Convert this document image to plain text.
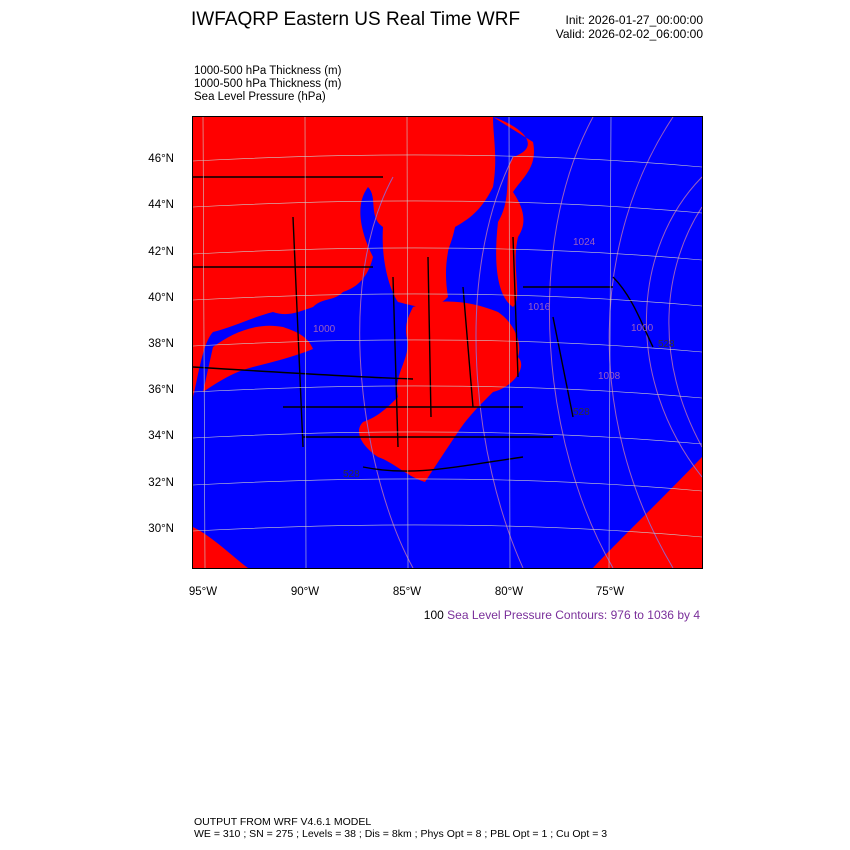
IWFAQRP Eastern US Real Time WRF	Init: 2026-01-27_00:00:00
Valid: 2026-02-02_06:00:00
1000-500 hPa Thickness (m)
1000-500 hPa Thickness (m)
Sea Level Pressure (hPa)
1000
1008
1016
1024
528
528
528
1000
46°N
44°N
42°N
40°N
38°N
36°N
34°N
32°N
30°N
95°W	90°W	85°W	80°W	75°W
100 Sea Level Pressure Contours: 976 to 1036 by 4
OUTPUT FROM WRF V4.6.1 MODEL
WE = 310 ; SN = 275 ; Levels = 38 ; Dis = 8km ; Phys Opt = 8 ; PBL Opt = 1 ; Cu Opt = 3
